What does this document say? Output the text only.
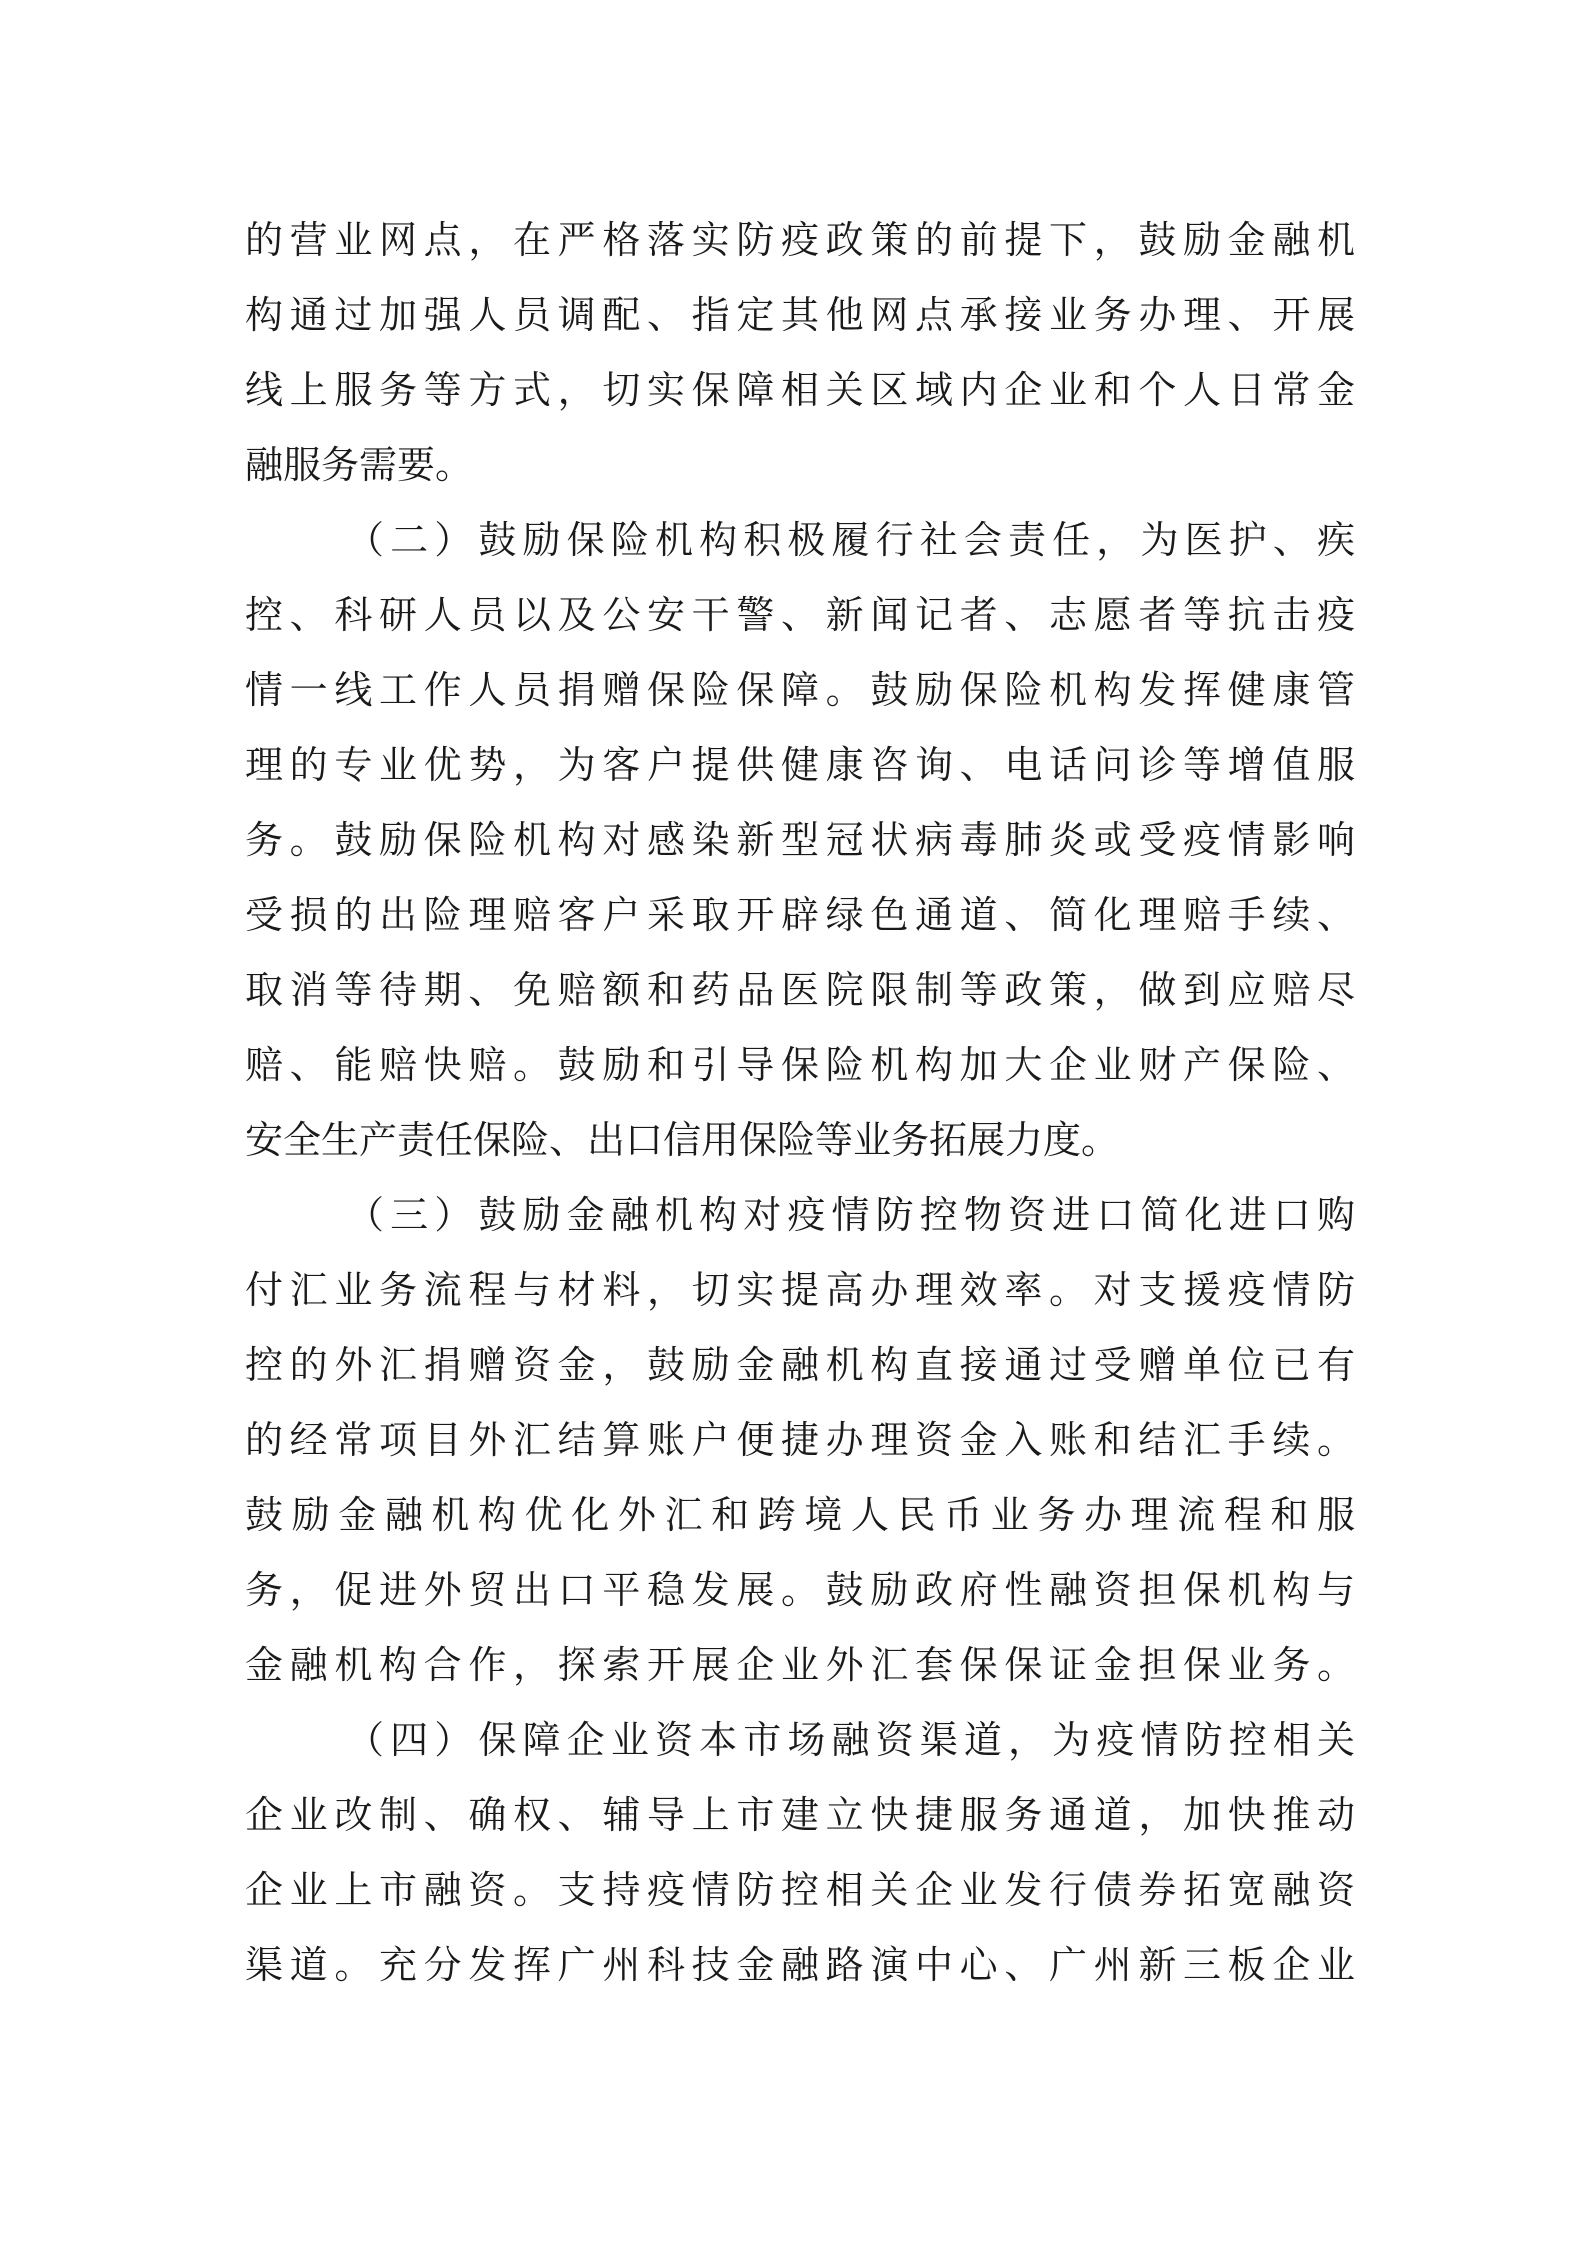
的营业网点，在严格落实防疫政策的前提下，鼓励金融机
构通过加强人员调配、指定其他网点承接业务办理、开展
线上服务等方式，切实保障相关区域内企业和个人日常金
融服务需要。
（二）鼓励保险机构积极履行社会责任，为医护、疾
控、科研人员以及公安干警、新闻记者、志愿者等抗击疫
情一线工作人员捐赠保险保障。鼓励保险机构发挥健康管
理的专业优势，为客户提供健康咨询、电话问诊等增值服
务。鼓励保险机构对感染新型冠状病毒肺炎或受疫情影响
受损的出险理赔客户采取开辟绿色通道、简化理赔手续、
取消等待期、免赔额和药品医院限制等政策，做到应赔尽
赔、能赔快赔。鼓励和引导保险机构加大企业财产保险、
安全生产责任保险、出口信用保险等业务拓展力度。
（三）鼓励金融机构对疫情防控物资进口简化进口购
付汇业务流程与材料，切实提高办理效率。对支援疫情防
控的外汇捐赠资金，鼓励金融机构直接通过受赠单位已有
的经常项目外汇结算账户便捷办理资金入账和结汇手续。
鼓励金融机构优化外汇和跨境人民币业务办理流程和服
务，促进外贸出口平稳发展。鼓励政府性融资担保机构与
金融机构合作，探索开展企业外汇套保保证金担保业务。
（四）保障企业资本市场融资渠道，为疫情防控相关
企业改制、确权、辅导上市建立快捷服务通道，加快推动
企业上市融资。支持疫情防控相关企业发行债券拓宽融资
渠道。充分发挥广州科技金融路演中心、广州新三板企业
